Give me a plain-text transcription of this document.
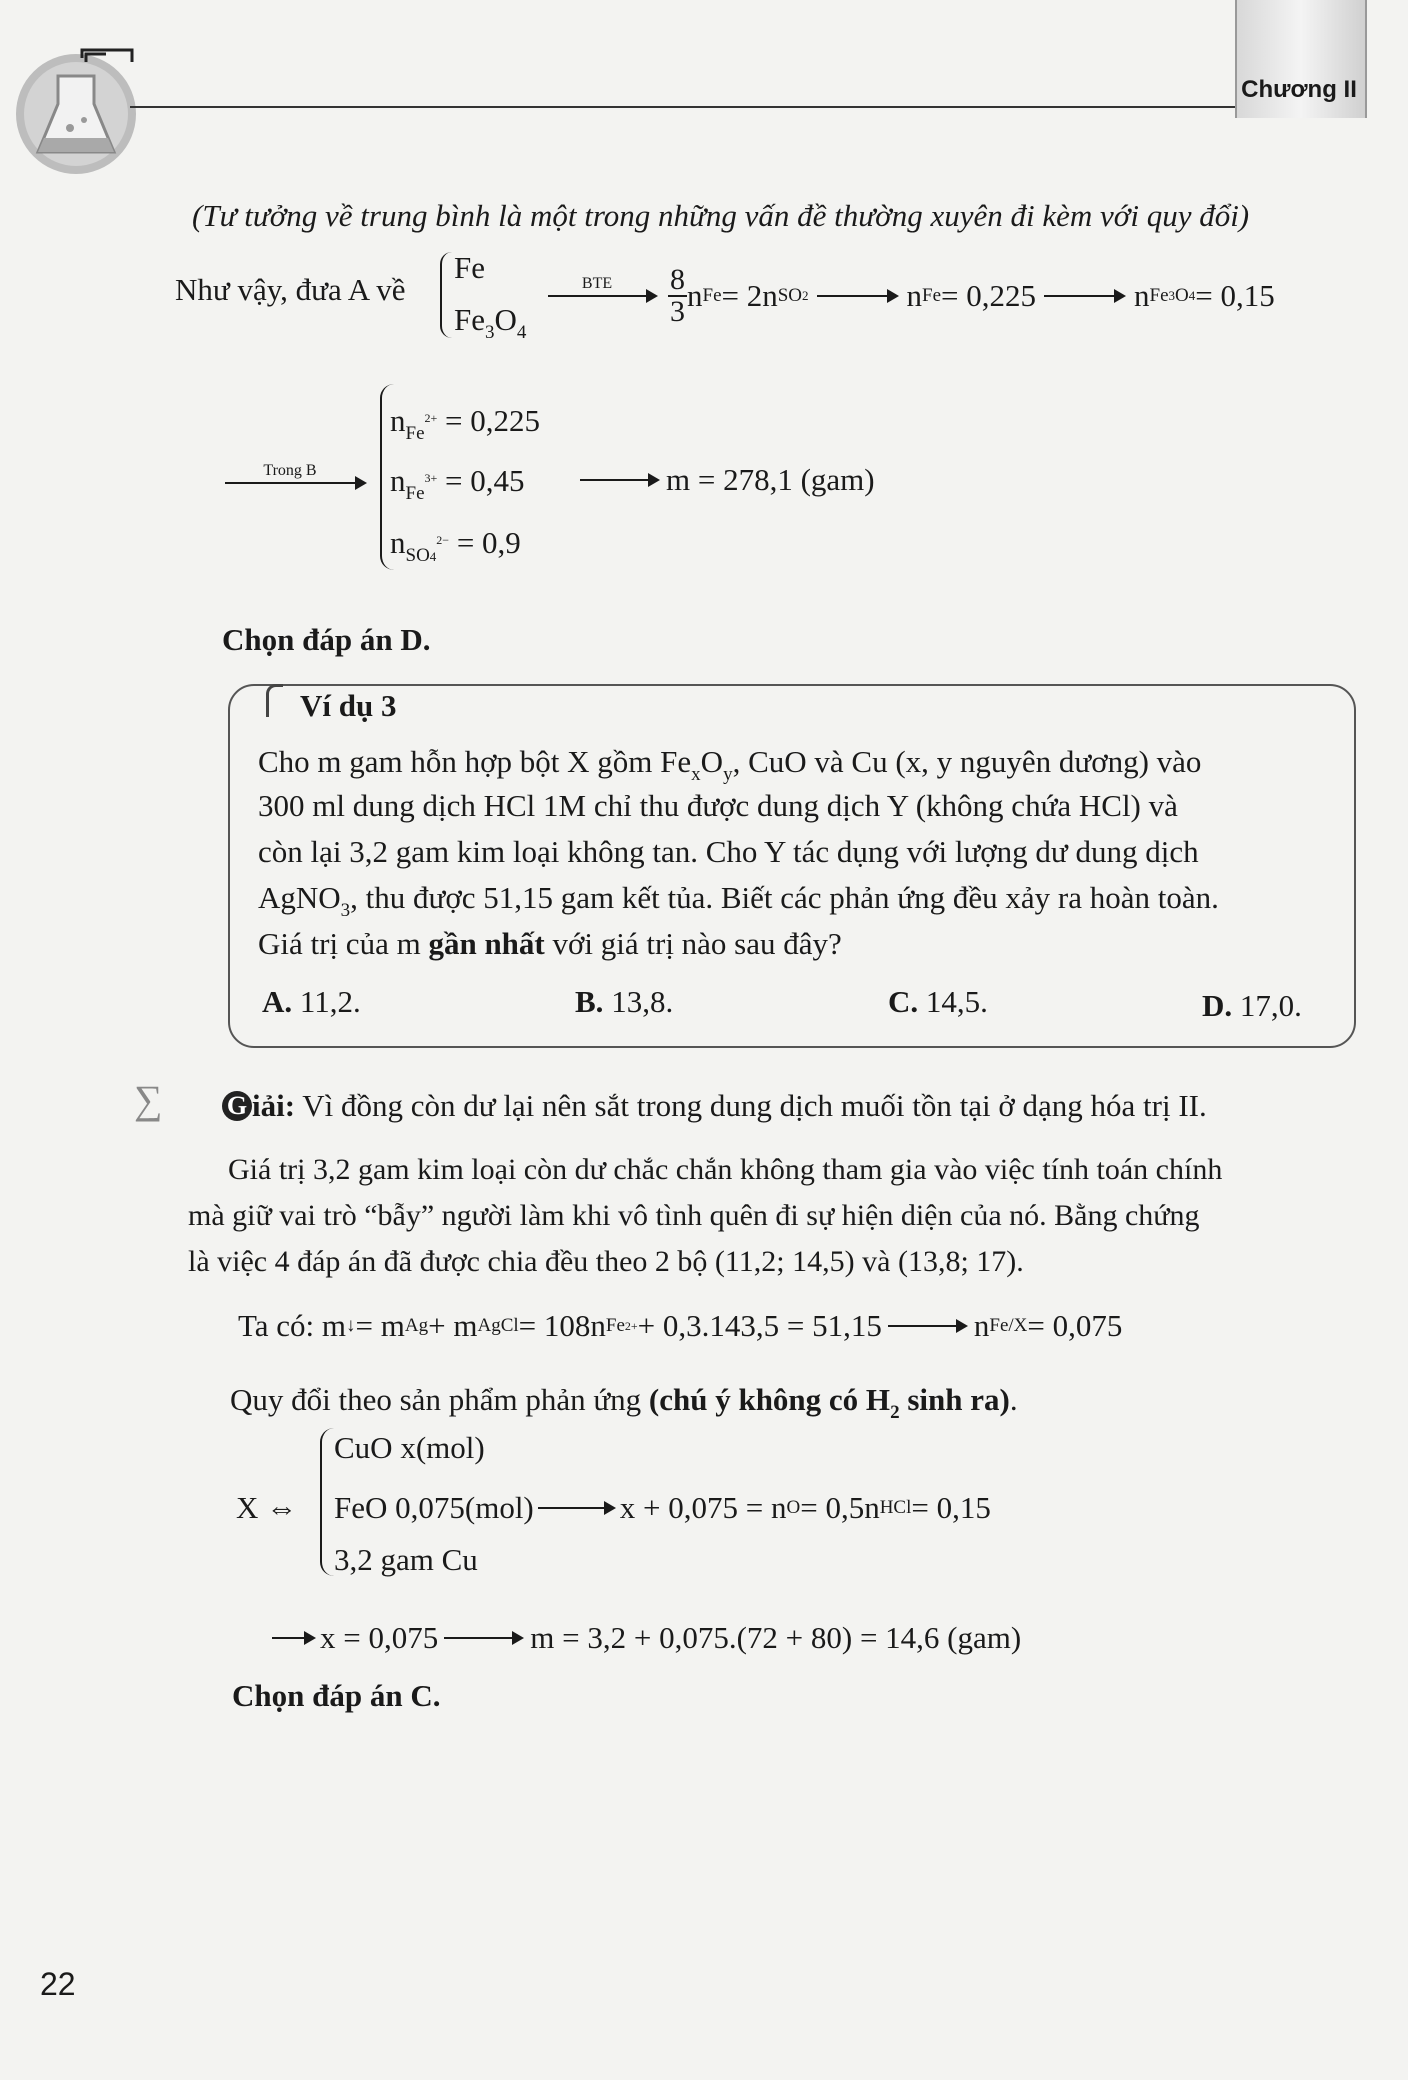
Chương II
(Tư tưởng về trung bình là một trong những vấn đề thường xuyên đi kèm với quy đổi)
Như vậy, đưa A về
Fe
$Fe_3O_4$
BTE	$\frac{8}{3}$ n Fe = 2n SO 2	n Fe = 0,225	n Fe 3 O 4 = 0,15
Trong B
$n_{Fe}^{2+} = 0,225$
$n_{Fe}^{3+} = 0,45$
$n_{SO4}^{2-} = 0,9$
m = 278,1 (gam)
Chọn đáp án D.
Ví dụ 3
Cho m gam hỗn hợp bột X gồm $Fe_xO_y$, CuO và Cu (x, y nguyên dương) vào
300 ml dung dịch HCl 1M chỉ thu được dung dịch Y (không chứa HCl) và
còn lại 3,2 gam kim loại không tan. Cho Y tác dụng với lượng dư dung dịch
AgNO$_3$, thu được 51,15 gam kết tủa. Biết các phản ứng đều xảy ra hoàn toàn.
Giá trị của m gần nhất với giá trị nào sau đây?
A. 11,2.	B. 13,8.	C. 14,5.	D. 17,0.
∑ G iải: Vì đồng còn dư lại nên sắt trong dung dịch muối tồn tại ở dạng hóa trị II.
Giá trị 3,2 gam kim loại còn dư chắc chắn không tham gia vào việc tính toán chính
mà giữ vai trò “bẫy” người làm khi vô tình quên đi sự hiện diện của nó. Bằng chứng
là việc 4 đáp án đã được chia đều theo 2 bộ (11,2; 14,5) và (13,8; 17).
Ta có: m ↓ = m Ag + m AgCl = 108n Fe 2+ + 0,3.143,5 = 51,15	n Fe/X = 0,075
Quy đổi theo sản phẩm phản ứng (chú ý không có $H_2$ sinh ra).
X ⇔
CuO x(mol)
FeO 0,075(mol)	x + 0,075 = n O = 0,5n HCl = 0,15
3,2 gam Cu
x = 0,075	m = 3,2 + 0,075.(72 + 80) = 14,6 (gam)
Chọn đáp án C.
22
